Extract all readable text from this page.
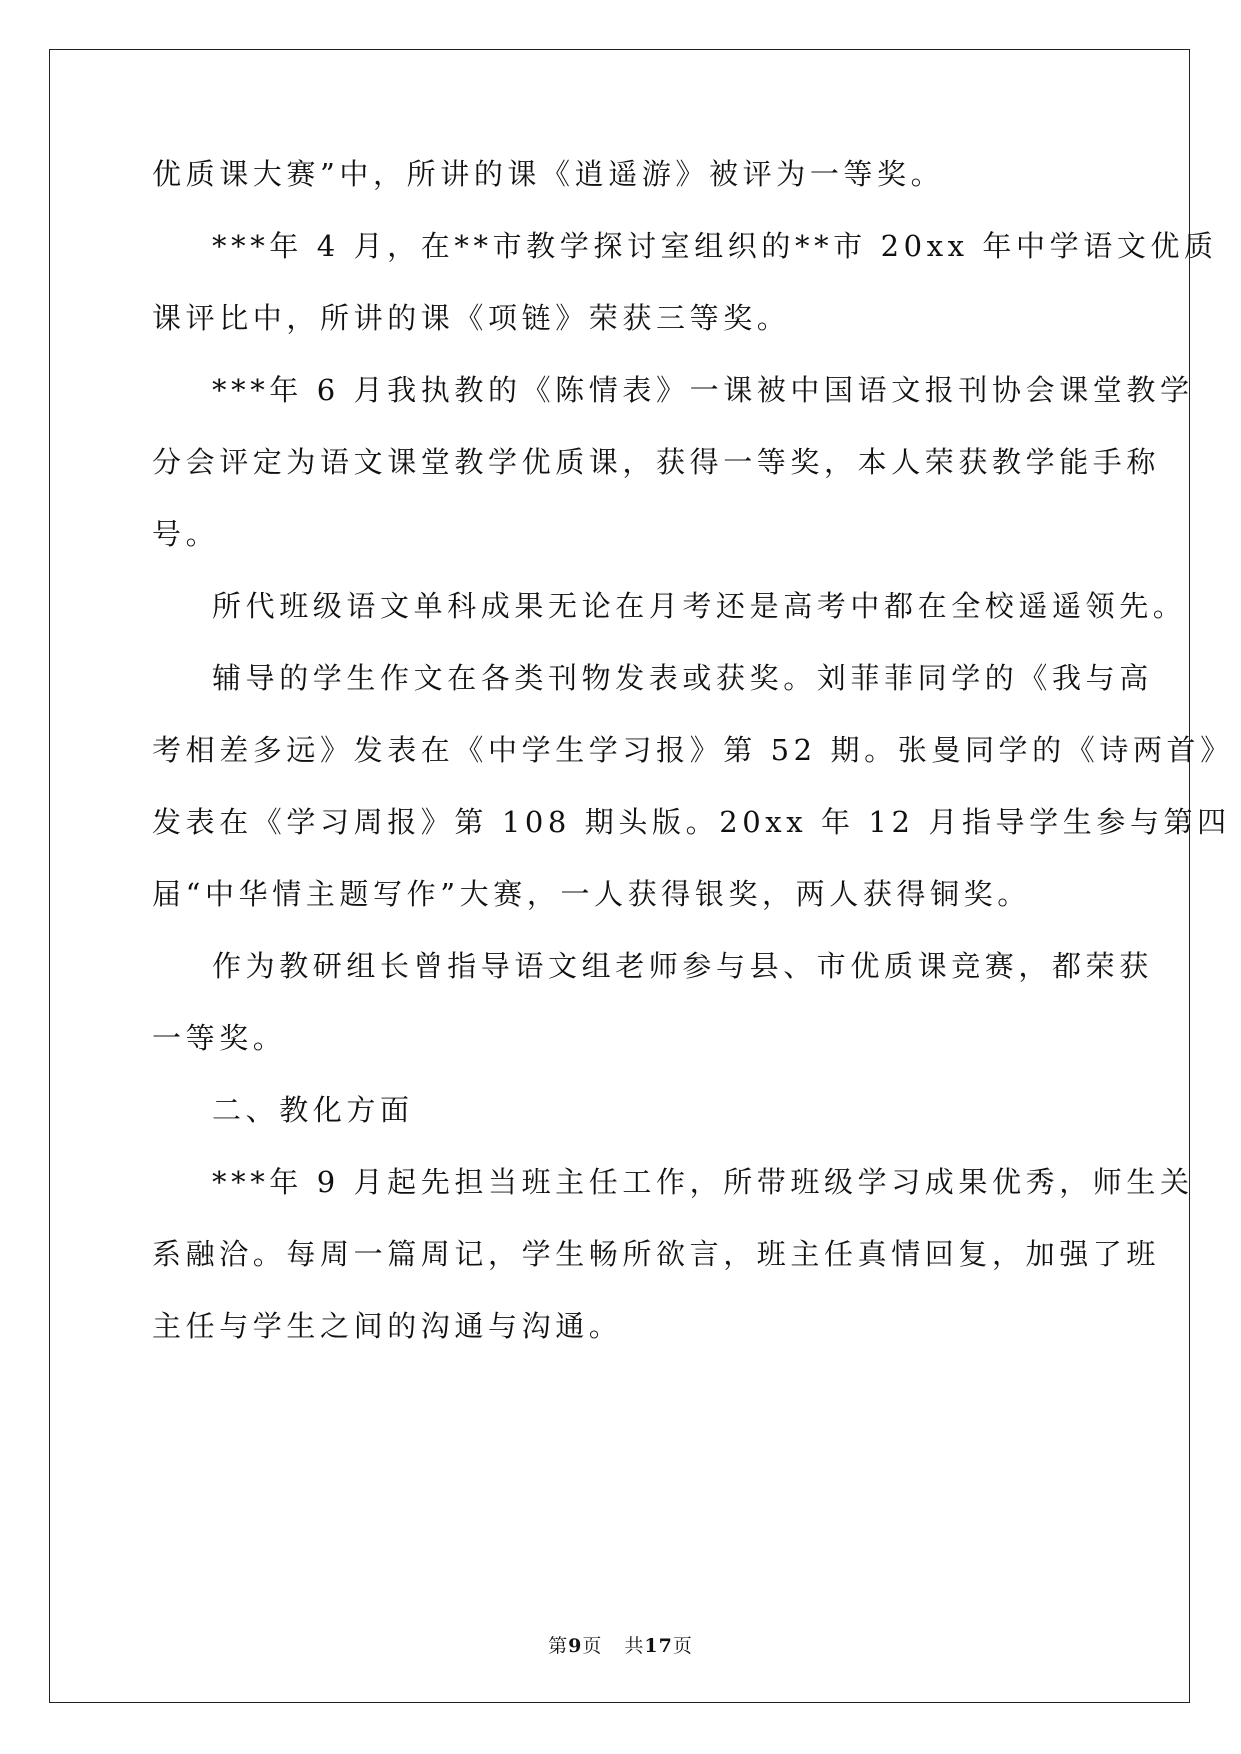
优质课大赛”中，所讲的课《逍遥游》被评为一等奖。
***年 4 月，在**市教学探讨室组织的**市 20xx 年中学语文优质
课评比中，所讲的课《项链》荣获三等奖。
***年 6 月我执教的《陈情表》一课被中国语文报刊协会课堂教学
分会评定为语文课堂教学优质课，获得一等奖，本人荣获教学能手称
号。
所代班级语文单科成果无论在月考还是高考中都在全校遥遥领先。
辅导的学生作文在各类刊物发表或获奖。刘菲菲同学的《我与高
考相差多远》发表在《中学生学习报》第 52 期。张曼同学的《诗两首》
发表在《学习周报》第 108 期头版。20xx 年 12 月指导学生参与第四
届“中华情主题写作”大赛，一人获得银奖，两人获得铜奖。
作为教研组长曾指导语文组老师参与县、市优质课竞赛，都荣获
一等奖。
二、教化方面
***年 9 月起先担当班主任工作，所带班级学习成果优秀，师生关
系融洽。每周一篇周记，学生畅所欲言，班主任真情回复，加强了班
主任与学生之间的沟通与沟通。
第9页 共17页
